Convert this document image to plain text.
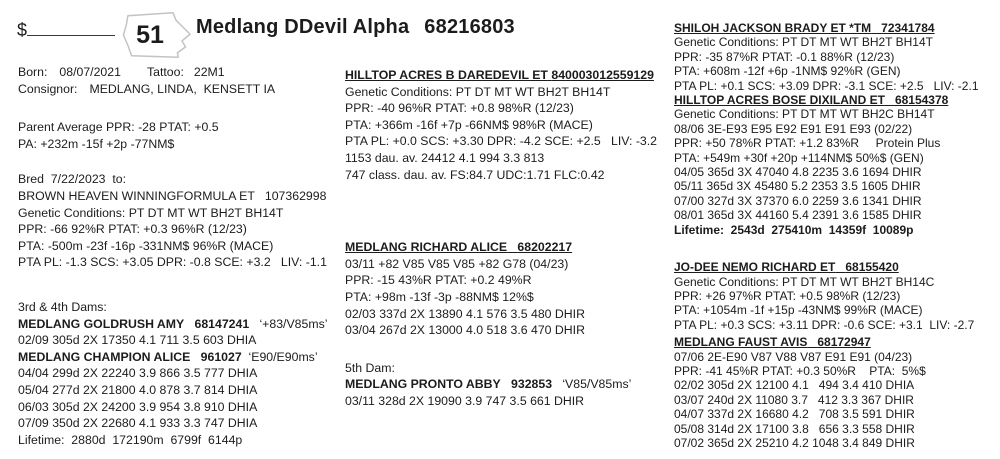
$	51	Medlang DDevil Alpha 68216803
Born: 08/07/2021 Tattoo: 22M1
Consignor: MEDLANG, LINDA,  KENSETT IA
Parent Average PPR: -28 PTAT: +0.5
PA: +232m -15f +2p -77NM$
Bred  7/22/2023  to:
BROWN HEAVEN WINNINGFORMULA ET 107362998
Genetic Conditions: PT DT MT WT BH2T BH14T
PPR: -66 92%R PTAT: +0.3 96%R (12/23)
PTA: -500m -23f -16p -331NM$ 96%R (MACE)
PTA PL: -1.3 SCS: +3.05 DPR: -0.8 SCE: +3.2   LIV: -1.1
3rd & 4th Dams:
MEDLANG GOLDRUSH AMY 68147241 ‘+83/V85ms’
02/09 305d 2X 17350 4.1 711 3.5 603 DHIA
MEDLANG CHAMPION ALICE 961027 ‘E90/E90ms’
04/04 299d 2X 22240 3.9 866 3.5 777 DHIA
05/04 277d 2X 21800 4.0 878 3.7 814 DHIA
06/03 305d 2X 24200 3.9 954 3.8 910 DHIA
07/09 350d 2X 22680 4.1 933 3.3 747 DHIA
Lifetime:  2880d  172190m  6799f  6144p
HILLTOP ACRES B DAREDEVIL ET 840003012559129
Genetic Conditions: PT DT MT WT BH2T BH14T
PPR: -40 96%R PTAT: +0.8 98%R (12/23)
PTA: +366m -16f +7p -66NM$ 98%R (MACE)
PTA PL: +0.0 SCS: +3.30 DPR: -4.2 SCE: +2.5   LIV: -3.2
1153 dau. av. 24412 4.1 994 3.3 813
747 class. dau. av. FS:84.7 UDC:1.71 FLC:0.42
MEDLANG RICHARD ALICE 68202217
03/11 +82 V85 V85 V85 +82 G78 (04/23)
PPR: -15 43%R PTAT: +0.2 49%R
PTA: +98m -13f -3p -88NM$ 12%$
02/03 337d 2X 13890 4.1 576 3.5 480 DHIR
03/04 267d 2X 13000 4.0 518 3.6 470 DHIR
5th Dam:
MEDLANG PRONTO ABBY 932853 ‘V85/V85ms’
03/11 328d 2X 19090 3.9 747 3.5 661 DHIR
SHILOH JACKSON BRADY ET *TM 72341784
Genetic Conditions: PT DT MT WT BH2T BH14T
PPR: -35 87%R PTAT: -0.1 88%R (12/23)
PTA: +608m -12f +6p -1NM$ 92%R (GEN)
PTA PL: +0.1 SCS: +3.09 DPR: -3.1 SCE: +2.5   LIV: -2.1
HILLTOP ACRES BOSE DIXILAND ET 68154378
Genetic Conditions: PT DT MT WT BH2C BH14T
08/06 3E-E93 E95 E92 E91 E91 E93 (02/22)
PPR: +50 78%R PTAT: +1.2 83%R     Protein Plus
PTA: +549m +30f +20p +114NM$ 50%$ (GEN)
04/05 365d 3X 47040 4.8 2235 3.6 1694 DHIR
05/11 365d 3X 45480 5.2 2353 3.5 1605 DHIR
07/00 327d 3X 37370 6.0 2259 3.6 1341 DHIR
08/01 365d 3X 44160 5.4 2391 3.6 1585 DHIR
Lifetime:  2543d  275410m  14359f  10089p
JO-DEE NEMO RICHARD ET 68155420
Genetic Conditions: PT DT MT WT BH2T BH14C
PPR: +26 97%R PTAT: +0.5 98%R (12/23)
PTA: +1054m -1f +15p -43NM$ 99%R (MACE)
PTA PL: +0.3 SCS: +3.11 DPR: -0.6 SCE: +3.1  LIV: -2.7
MEDLANG FAUST AVIS 68172947
07/06 2E-E90 V87 V88 V87 E91 E91 (04/23)
PPR: -41 45%R PTAT: +0.3 50%R    PTA:  5%$
02/02 305d 2X 12100 4.1   494 3.4 410 DHIA
03/07 240d 2X 11080 3.7   412 3.3 367 DHIR
04/07 337d 2X 16680 4.2   708 3.5 591 DHIR
05/08 314d 2X 17100 3.8   656 3.3 558 DHIR
07/02 365d 2X 25210 4.2 1048 3.4 849 DHIR
